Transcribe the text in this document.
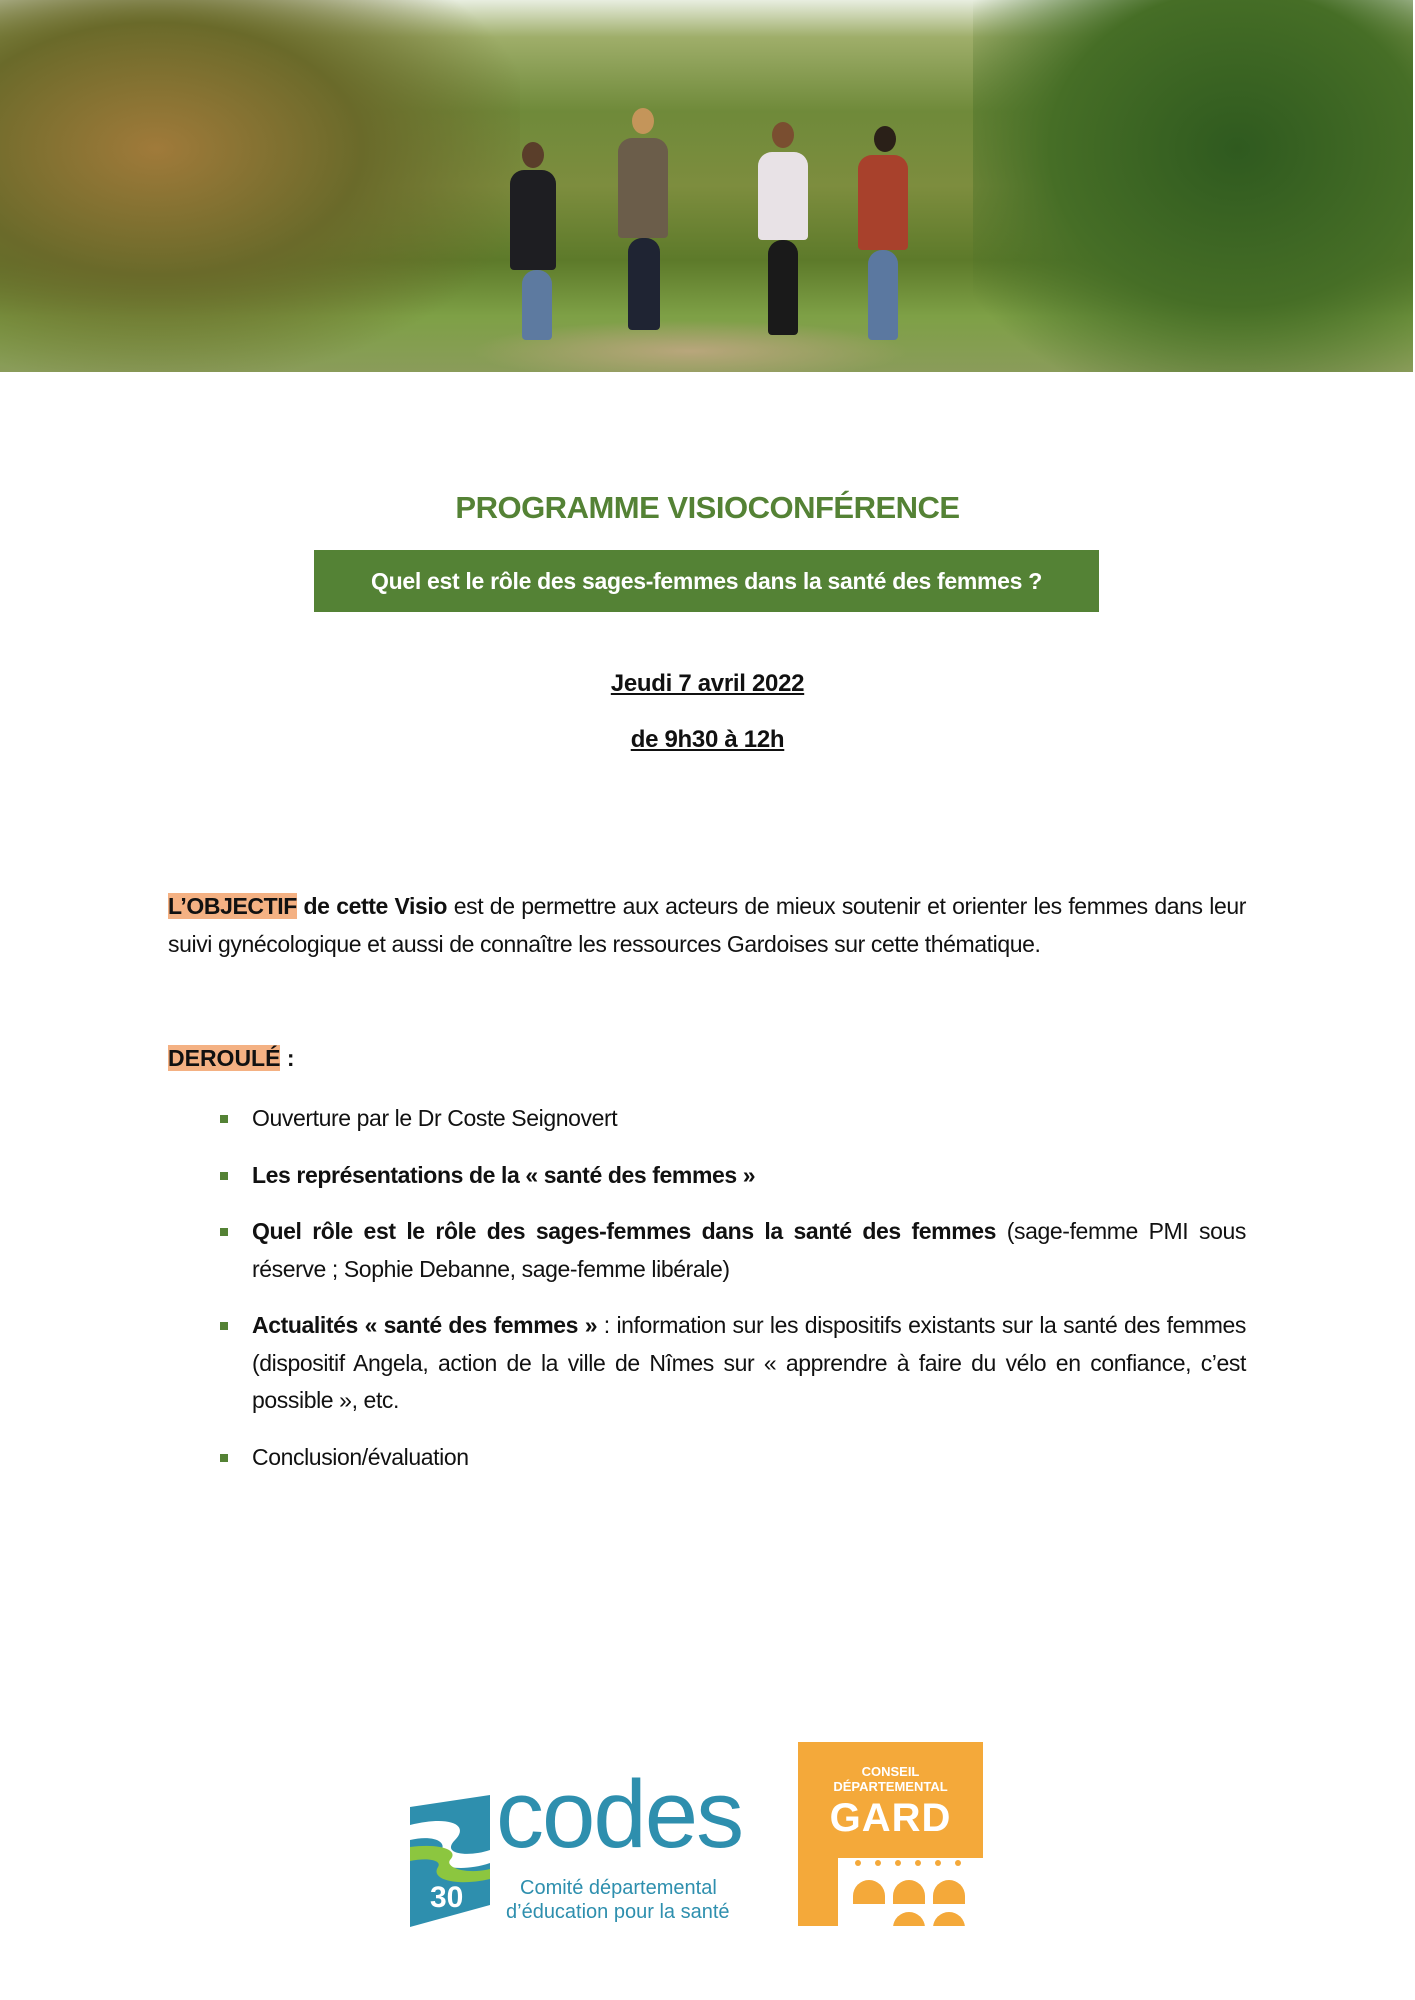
PROGRAMME VISIOCONFÉRENCE
Quel est le rôle des sages-femmes dans la santé des femmes ?
Jeudi 7 avril 2022
de 9h30 à 12h
L’OBJECTIF de cette Visio est de permettre aux acteurs de mieux soutenir et orienter les femmes dans leur suivi gynécologique et aussi de connaître les ressources Gardoises sur cette thématique.
DEROULÉ :
Ouverture par le Dr Coste Seignovert
Les représentations de la « santé des femmes »
Quel rôle est le rôle des sages-femmes dans la santé des femmes (sage-femme PMI sous réserve ; Sophie Debanne, sage-femme libérale)
Actualités « santé des femmes » : information sur les dispositifs existants sur la santé des femmes (dispositif Angela, action de la ville de Nîmes sur « apprendre à faire du vélo en confiance, c’est possible », etc.
Conclusion/évaluation
30
codes
Comité départemental
d’éducation pour la santé
CONSEIL
DÉPARTEMENTAL
GARD
